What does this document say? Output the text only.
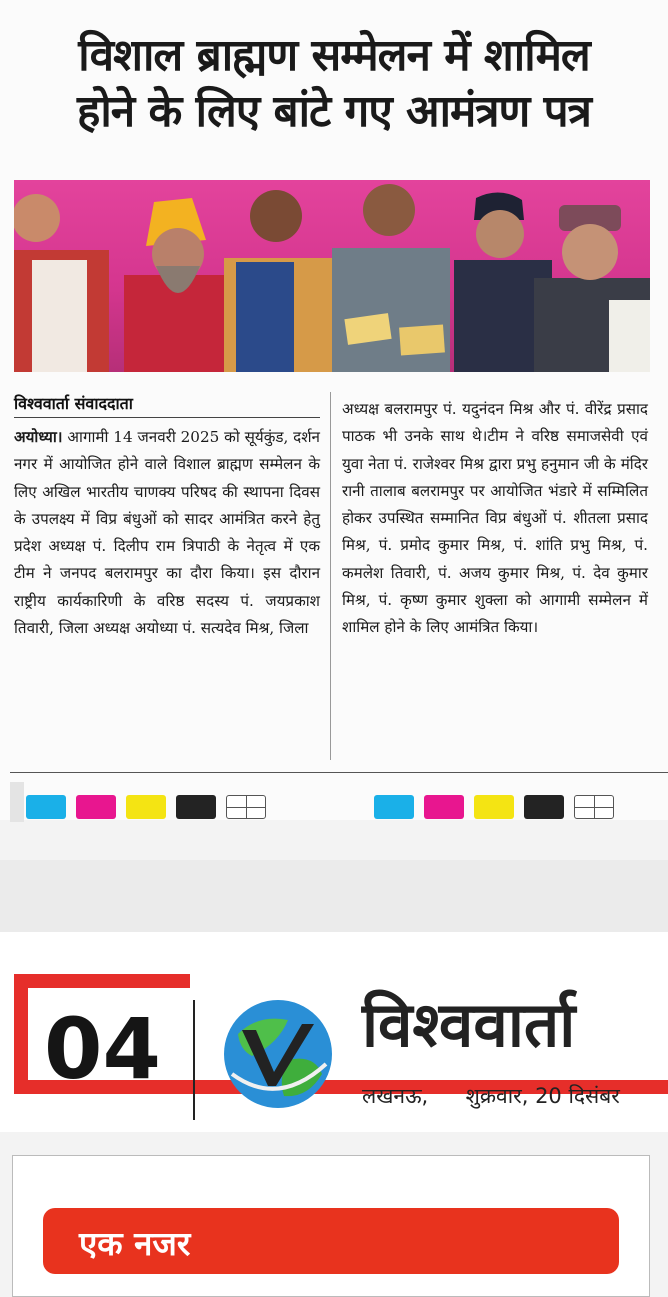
विशाल ब्राह्मण सम्मेलन में शामिल
होने के लिए बांटे गए आमंत्रण पत्र
विश्ववार्ता संवाददाता
अयोध्या। आगामी 14 जनवरी 2025 को सूर्यकुंड, दर्शन नगर में आयोजित होने वाले विशाल ब्राह्मण सम्मेलन के लिए अखिल भारतीय चाणक्य परिषद की स्थापना दिवस के उपलक्ष्य में विप्र बंधुओं को सादर आमंत्रित करने हेतु प्रदेश अध्यक्ष पं. दिलीप राम त्रिपाठी के नेतृत्व में एक टीम ने जनपद बलरामपुर का दौरा किया। इस दौरान राष्ट्रीय कार्यकारिणी के वरिष्ठ सदस्य पं. जयप्रकाश तिवारी, जिला अध्यक्ष अयोध्या पं. सत्यदेव मिश्र, जिला
अध्यक्ष बलरामपुर पं. यदुनंदन मिश्र और पं. वीरेंद्र प्रसाद पाठक भी उनके साथ थे।टीम ने वरिष्ठ समाजसेवी एवं युवा नेता पं. राजेश्वर मिश्र द्वारा प्रभु हनुमान जी के मंदिर रानी तालाब बलरामपुर पर आयोजित भंडारे में सम्मिलित होकर उपस्थित सम्मानित विप्र बंधुओं पं. शीतला प्रसाद मिश्र, पं. प्रमोद कुमार मिश्र, पं. शांति प्रभु मिश्र, पं. कमलेश तिवारी, पं. अजय कुमार मिश्र, पं. देव कुमार मिश्र, पं. कृष्ण कुमार शुक्ला को आगामी सम्मेलन में शामिल होने के लिए आमंत्रित किया।
04	विश्ववार्ता
लखनऊ, शुक्रवार, 20 दिसंबर
एक नजर
